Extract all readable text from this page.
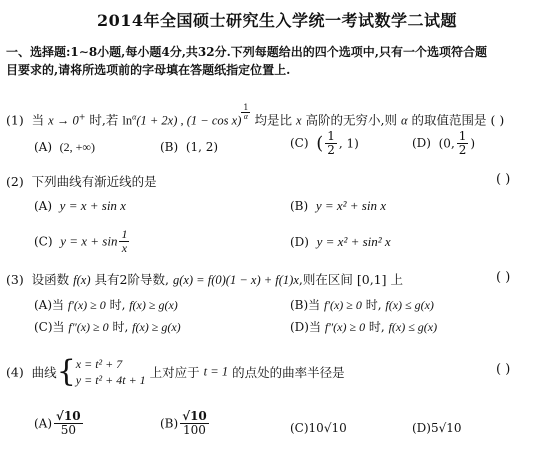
2014年全国硕士研究生入学统一考试数学二试题
一、选择题:1∼8小题,每小题4分,共32分.下列每题给出的四个选项中,只有一个选项符合题
目要求的,请将所选项前的字母填在答题纸指定位置上.
(1) 当 x → 0+ 时,若 $\ln^\alpha(1 + 2x)$ , (1 − cos x) $^{\frac{1}{\alpha}}$ 均是比 x 高阶的无穷小,则 α 的取值范围是 ( )
(A) (2, +∞)	(B) (1, 2)	(C) ( $\frac{1}{2}$ , 1)	(D) (0, $\frac{1}{2}$ )
(2) 下列曲线有渐近线的是	( )
(A) y = x + sin x	(B) y = x² + sin x
(C) $y = x + \sin \frac{1}{x}$	(D) y = x² + sin² x
(3) 设函数 f(x) 具有2阶导数, g(x) = f(0)(1 − x) + f(1)x,则在区间 [0,1] 上	( )
(A)当 f′(x) ≥ 0 时, f(x) ≥ g(x)	(B)当 f′(x) ≥ 0 时, f(x) ≤ g(x)
(C)当 f″(x) ≥ 0 时, f(x) ≥ g(x)	(D)当 f″(x) ≥ 0 时, f(x) ≤ g(x)
(4) 曲线{ x = t² + 7
y = t² + 4t + 1 上对应于 t = 1 的点处的曲率半径是	( )
$(A) \frac{√10}{50}$	$(B) \frac{√10}{100}$	(C)10√10	(D)5√10
